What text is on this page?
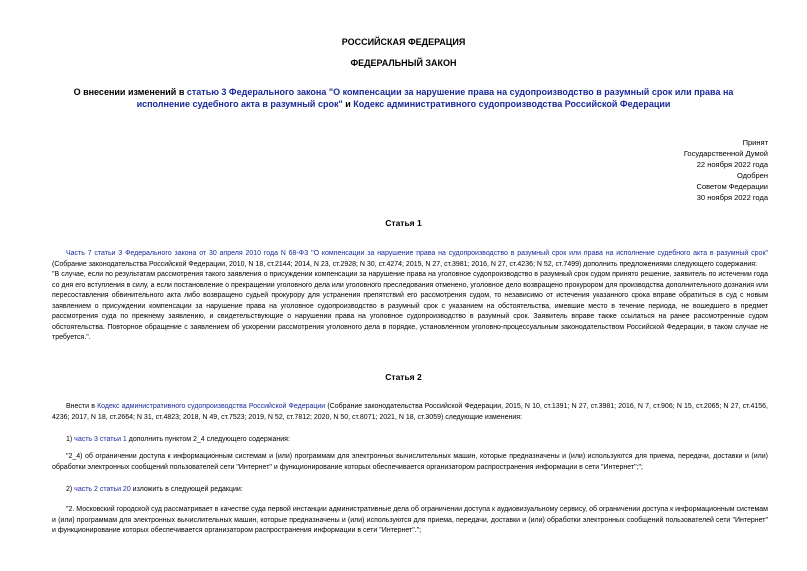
РОССИЙСКАЯ ФЕДЕРАЦИЯ
ФЕДЕРАЛЬНЫЙ ЗАКОН
О внесении изменений в статью 3 Федерального закона "О компенсации за нарушение права на судопроизводство в разумный срок или права на исполнение судебного акта в разумный срок" и Кодекс административного судопроизводства Российской Федерации
Принят
Государственной Думой
22 ноября 2022 года
Одобрен
Советом Федерации
30 ноября 2022 года
Статья 1
Часть 7 статьи 3 Федерального закона от 30 апреля 2010 года N 68-ФЗ "О компенсации за нарушение права на судопроизводство в разумный срок или права на исполнение судебного акта в разумный срок" (Собрание законодательства Российской Федерации, 2010, N 18, ст.2144; 2014, N 23, ст.2928; N 30, ст.4274; 2015, N 27, ст.3981; 2016, N 27, ст.4236; N 52, ст.7499) дополнить предложениями следующего содержания:
"В случае, если по результатам рассмотрения такого заявления о присуждении компенсации за нарушение права на уголовное судопроизводство в разумный срок судом принято решение, заявитель по истечении года со дня его вступления в силу, а если постановление о прекращении уголовного дела или уголовного преследования отменено, уголовное дело возвращено прокурором для производства дополнительного дознания или пересоставления обвинительного акта либо возвращено судьей прокурору для устранения препятствий его рассмотрения судом, то независимо от истечения указанного срока вправе обратиться в суд с новым заявлением о присуждении компенсации за нарушение права на уголовное судопроизводство в разумный срок с указанием на обстоятельства, имевшие место в течение периода, не вошедшего в предмет рассмотрения суда по прежнему заявлению, и свидетельствующие о нарушении права на уголовное судопроизводство в разумный срок. Заявитель вправе также ссылаться на ранее рассмотренные судом обстоятельства. Повторное обращение с заявлением об ускорении рассмотрения уголовного дела в порядке, установленном уголовно-процессуальным законодательством Российской Федерации, в таком случае не требуется.".
Статья 2
Внести в Кодекс административного судопроизводства Российской Федерации (Собрание законодательства Российской Федерации, 2015, N 10, ст.1391; N 27, ст.3981; 2016, N 7, ст.906; N 15, ст.2065; N 27, ст.4156, 4236; 2017, N 18, ст.2664; N 31, ст.4823; 2018, N 49, ст.7523; 2019, N 52, ст.7812; 2020, N 50, ст.8071; 2021, N 18, ст.3059) следующие изменения:
1) часть 3 статьи 1 дополнить пунктом 2_4 следующего содержания:
"2_4) об ограничении доступа к информационным системам и (или) программам для электронных вычислительных машин, которые предназначены и (или) используются для приема, передачи, доставки и (или) обработки электронных сообщений пользователей сети "Интернет" и функционирование которых обеспечивается организатором распространения информации в сети "Интернет";";
2) часть 2 статьи 20 изложить в следующей редакции:
"2. Московский городской суд рассматривает в качестве суда первой инстанции административные дела об ограничении доступа к аудиовизуальному сервису, об ограничении доступа к информационным системам и (или) программам для электронных вычислительных машин, которые предназначены и (или) используются для приема, передачи, доставки и (или) обработки электронных сообщений пользователей сети "Интернет" и функционирование которых обеспечивается организатором распространения информации в сети "Интернет".";
